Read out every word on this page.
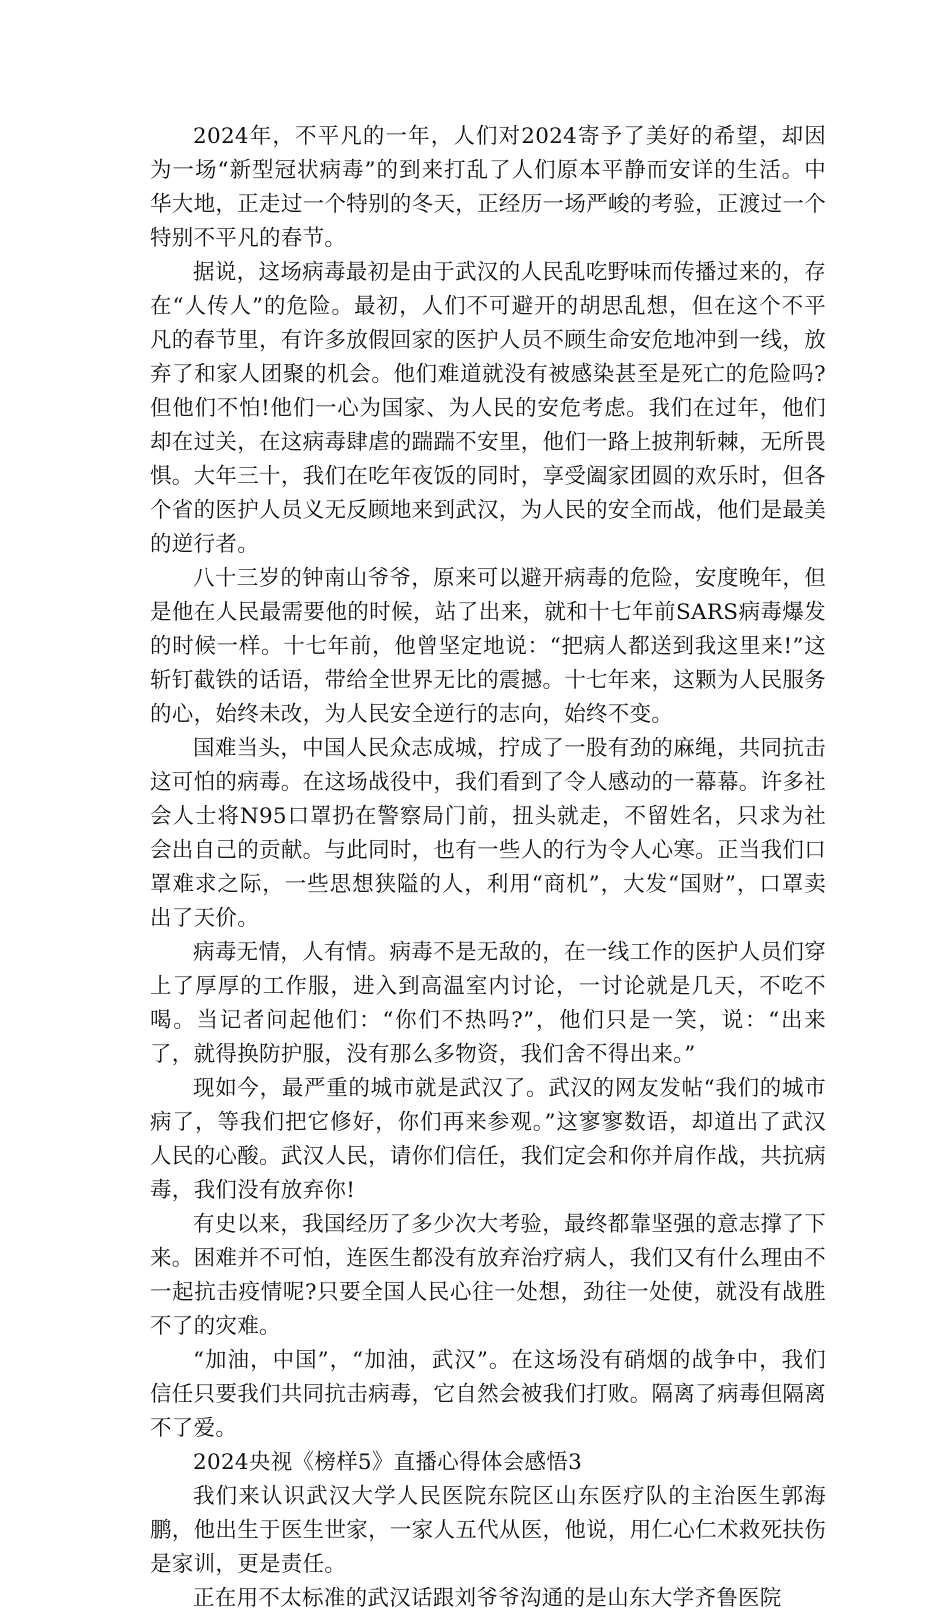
2024年，不平凡的一年，人们对2024寄予了美好的希望，却因为一场“新型冠状病毒”的到来打乱了人们原本平静而安详的生活。中华大地，正走过一个特别的冬天，正经历一场严峻的考验，正渡过一个特别不平凡的春节。

据说，这场病毒最初是由于武汉的人民乱吃野味而传播过来的，存在“人传人”的危险。最初，人们不可避开的胡思乱想，但在这个不平凡的春节里，有许多放假回家的医护人员不顾生命安危地冲到一线，放弃了和家人团聚的机会。他们难道就没有被感染甚至是死亡的危险吗?但他们不怕!他们一心为国家、为人民的安危考虑。我们在过年，他们却在过关，在这病毒肆虐的踹踹不安里，他们一路上披荆斩棘，无所畏惧。大年三十，我们在吃年夜饭的同时，享受阖家团圆的欢乐时，但各个省的医护人员义无反顾地来到武汉，为人民的安全而战，他们是最美的逆行者。

八十三岁的钟南山爷爷，原来可以避开病毒的危险，安度晚年，但是他在人民最需要他的时候，站了出来，就和十七年前SARS病毒爆发的时候一样。十七年前，他曾坚定地说：“把病人都送到我这里来!”这斩钉截铁的话语，带给全世界无比的震撼。十七年来，这颗为人民服务的心，始终未改，为人民安全逆行的志向，始终不变。

国难当头，中国人民众志成城，拧成了一股有劲的麻绳，共同抗击这可怕的病毒。在这场战役中，我们看到了令人感动的一幕幕。许多社会人士将N95口罩扔在警察局门前，扭头就走，不留姓名，只求为社会出自己的贡献。与此同时，也有一些人的行为令人心寒。正当我们口罩难求之际，一些思想狭隘的人，利用“商机”，大发“国财”，口罩卖出了天价。

病毒无情，人有情。病毒不是无敌的，在一线工作的医护人员们穿上了厚厚的工作服，进入到高温室内讨论，一讨论就是几天，不吃不喝。当记者问起他们：“你们不热吗?”，他们只是一笑，说：“出来了，就得换防护服，没有那么多物资，我们舍不得出来。”

现如今，最严重的城市就是武汉了。武汉的网友发帖“我们的城市病了，等我们把它修好，你们再来参观。”这寥寥数语，却道出了武汉人民的心酸。武汉人民，请你们信任，我们定会和你并肩作战，共抗病毒，我们没有放弃你!

有史以来，我国经历了多少次大考验，最终都靠坚强的意志撑了下来。困难并不可怕，连医生都没有放弃治疗病人，我们又有什么理由不一起抗击疫情呢?只要全国人民心往一处想，劲往一处使，就没有战胜不了的灾难。

“加油，中国”，“加油，武汉”。在这场没有硝烟的战争中，我们信任只要我们共同抗击病毒，它自然会被我们打败。隔离了病毒但隔离不了爱。

2024央视《榜样5》直播心得体会感悟3

我们来认识武汉大学人民医院东院区山东医疗队的主治医生郭海鹏，他出生于医生世家，一家人五代从医，他说，用仁心仁术救死扶伤是家训，更是责任。

正在用不太标准的武汉话跟刘爷爷沟通的是山东大学齐鲁医院
